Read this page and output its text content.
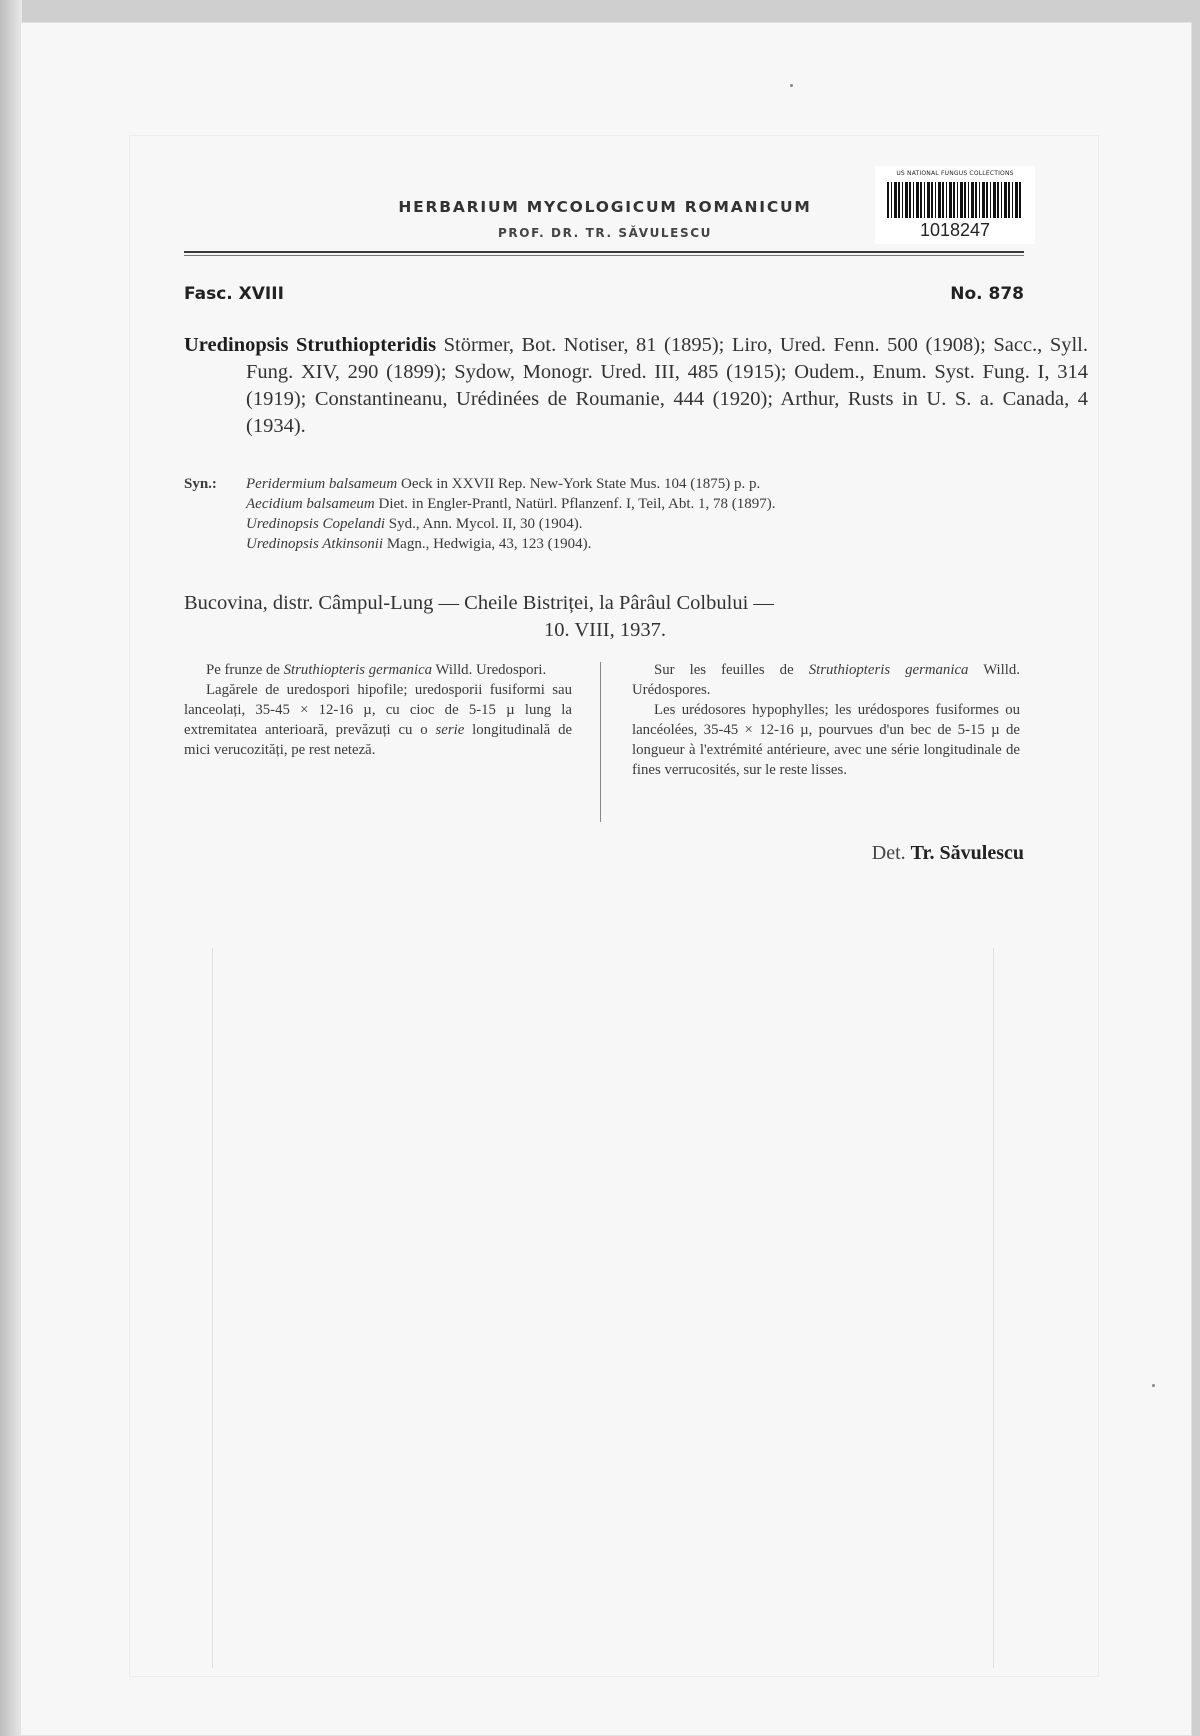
HERBARIUM MYCOLOGICUM ROMANICUM
PROF. DR. TR. SĂVULESCU
US NATIONAL FUNGUS COLLECTIONS
1018247
Fasc. XVIII	No. 878
Uredinopsis Struthiopteridis Störmer, Bot. Notiser, 81 (1895); Liro, Ured. Fenn. 500 (1908); Sacc., Syll. Fung. XIV, 290 (1899); Sydow, Monogr. Ured. III, 485 (1915); Oudem., Enum. Syst. Fung. I, 314 (1919); Constantineanu, Urédinées de Roumanie, 444 (1920); Arthur, Rusts in U. S. a. Canada, 4 (1934).
Syn.: Peridermium balsameum Oeck in XXVII Rep. New-York State Mus. 104 (1875) p. p.
Aecidium balsameum Diet. in Engler-Prantl, Natürl. Pflanzenf. I, Teil, Abt. 1, 78 (1897).
Uredinopsis Copelandi Syd., Ann. Mycol. II, 30 (1904).
Uredinopsis Atkinsonii Magn., Hedwigia, 43, 123 (1904).
Bucovina, distr. Câmpul-Lung — Cheile Bistriței, la Pârâul Colbului —
10. VIII, 1937.

Pe frunze de Struthiopteris germanica Willd. Uredospori.

Lagărele de uredospori hipofile; uredosporii fusiformi sau lanceolați, 35-45 × 12-16 µ, cu cioc de 5-15 µ lung la extremitatea anterioară, prevăzuți cu o serie longitudinală de mici verucozități, pe rest neteză.

Sur les feuilles de Struthiopteris germanica Willd. Urédospores.

Les urédosores hypophylles; les urédospores fusiformes ou lancéolées, 35-45 × 12-16 µ, pourvues d'un bec de 5-15 µ de longueur à l'extrémité antérieure, avec une série longitudinale de fines verrucosités, sur le reste lisses.

Det. Tr. Săvulescu
